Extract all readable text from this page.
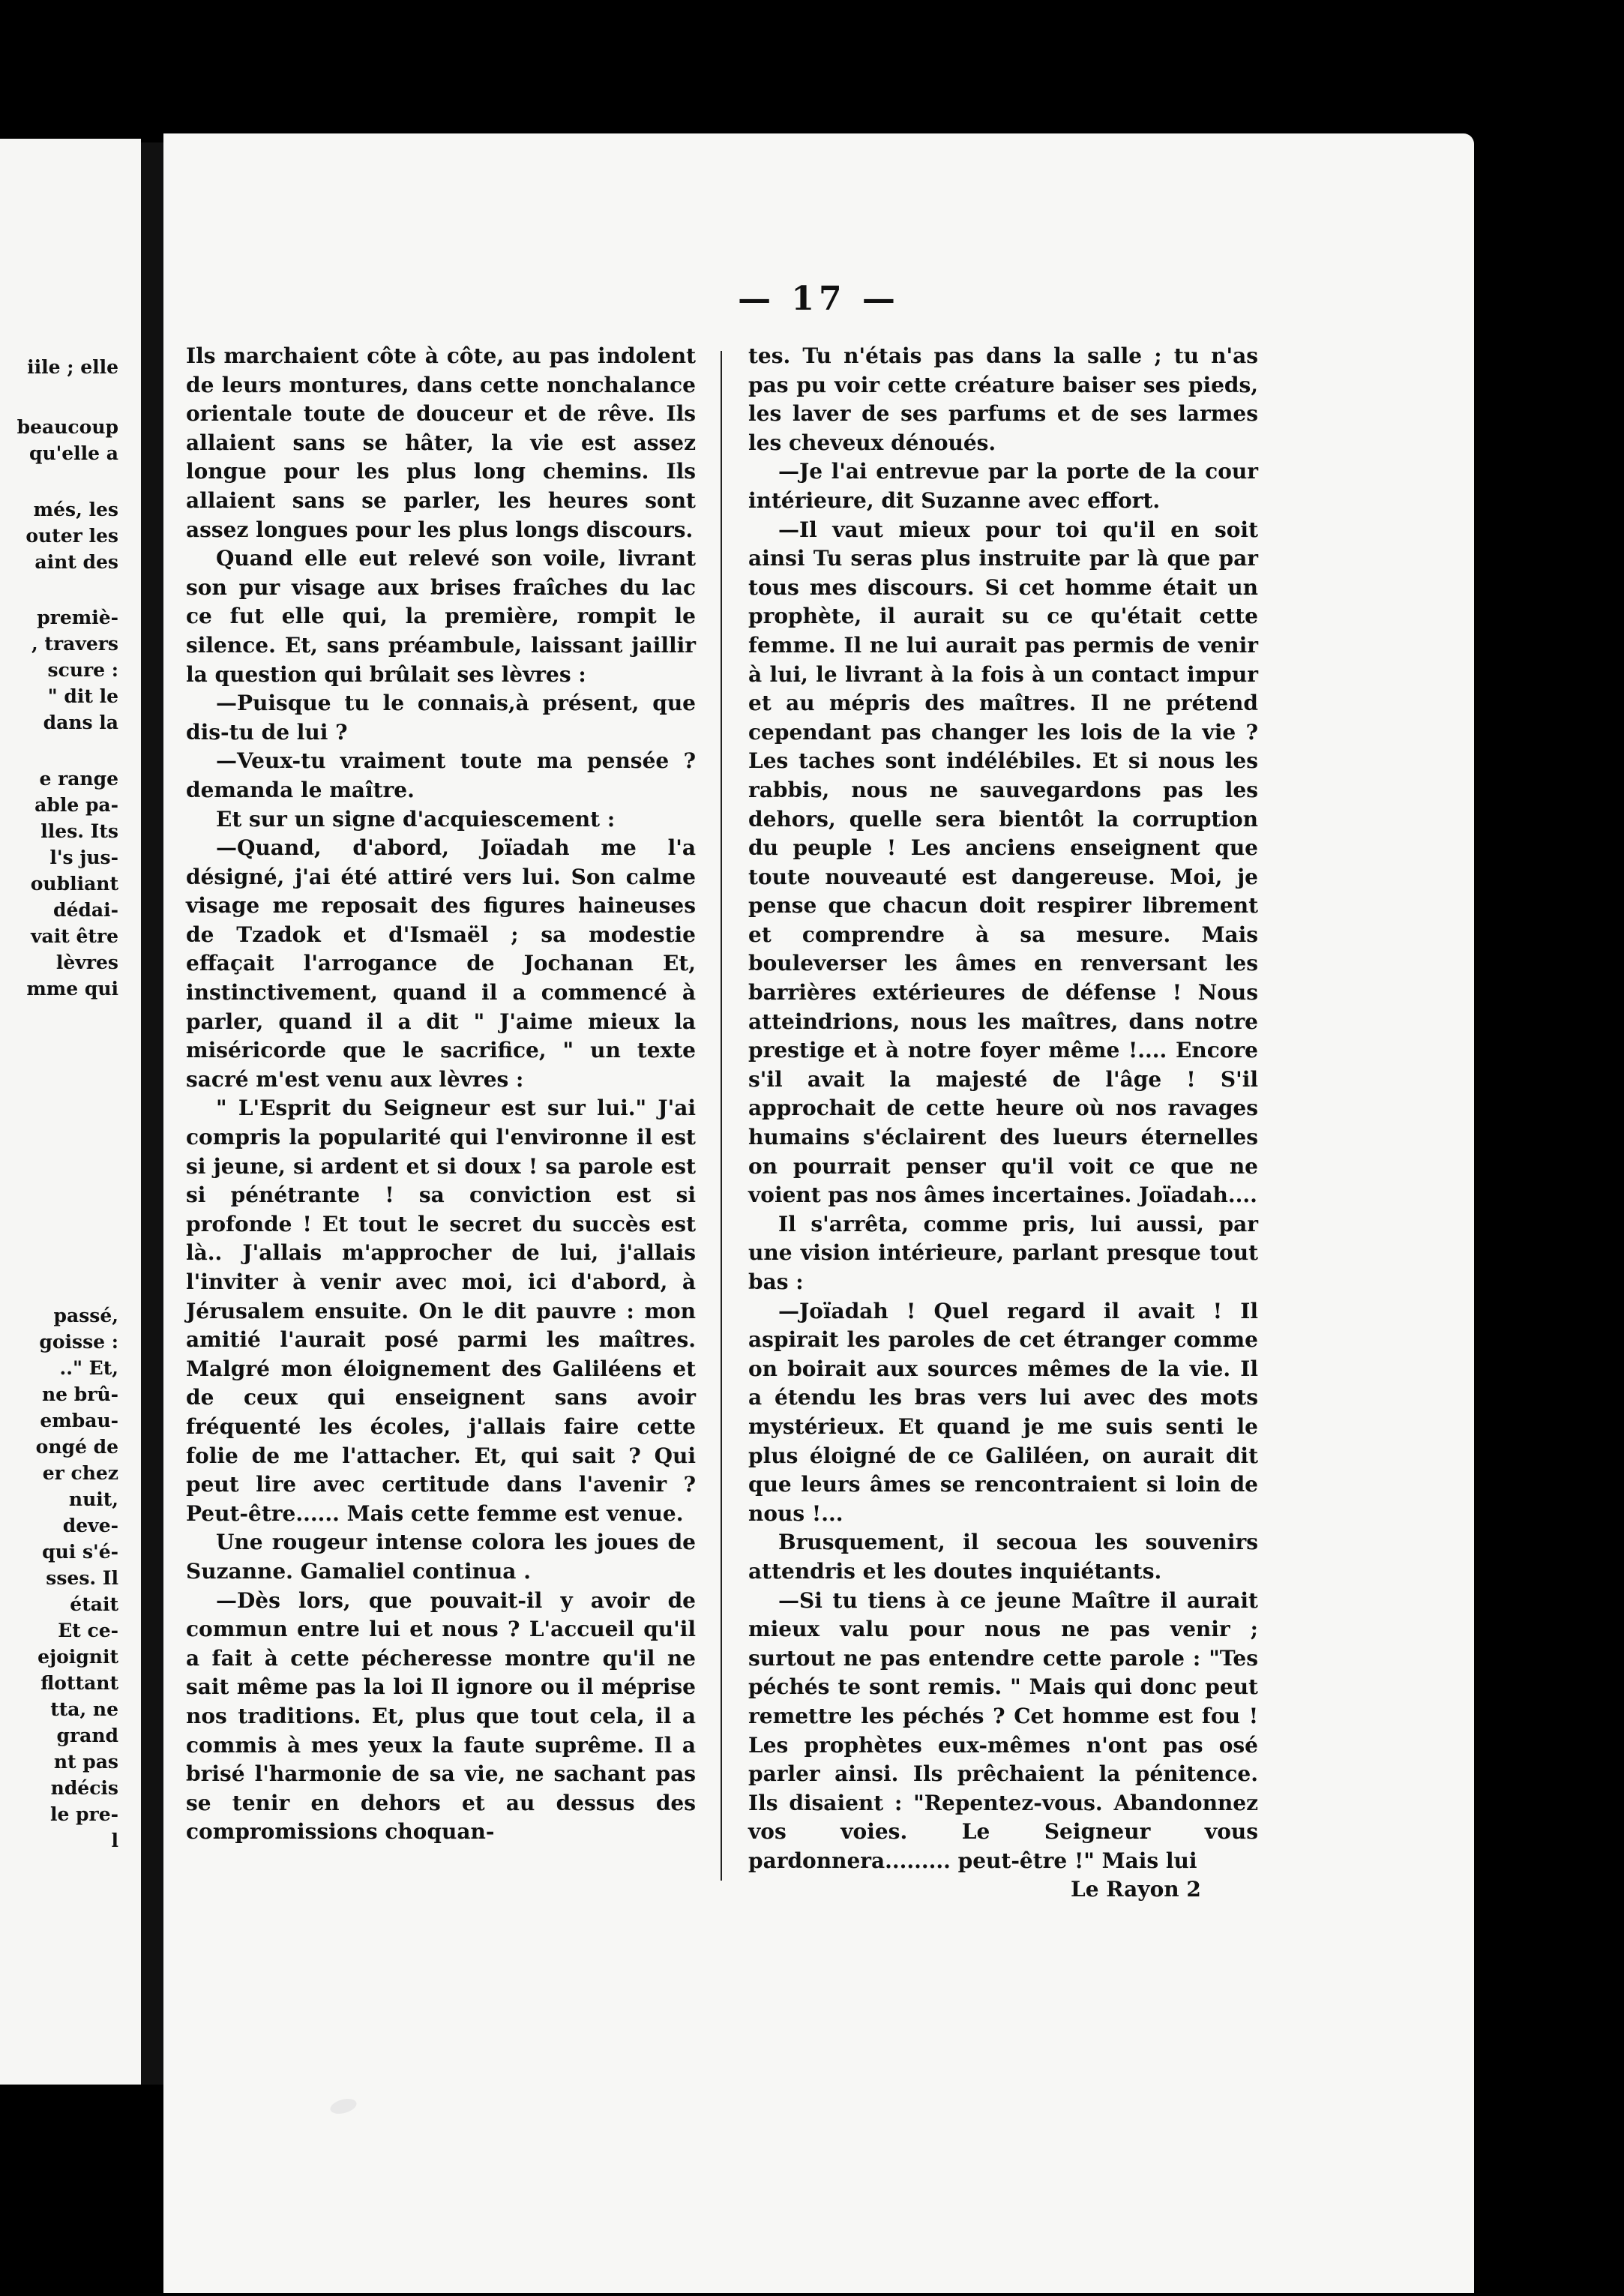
iile ; elle
beaucoup
qu'elle a
més, les
outer les
aint des
premiè-
, travers
scure :
" dit le
dans la
e range
able pa-
lles. Its
l's jus-
oubliant
dédai-
vait être
lèvres
mme qui
passé,
goisse :
.." Et,
ne brû-
embau-
ongé de
er chez
nuit,
deve-
qui s'é-
sses. Il
était
Et ce-
ejoignit
flottant
tta, ne
grand
nt pas
ndécis
le pre-
l
— 17 —

Ils marchaient côte à côte, au pas indolent de leurs montures, dans cette nonchalance orientale toute de douceur et de rêve. Ils allaient sans se hâter, la vie est assez longue pour les plus long chemins. Ils allaient sans se parler, les heures sont assez longues pour les plus longs discours.

Quand elle eut relevé son voile, livrant son pur visage aux brises fraîches du lac ce fut elle qui, la première, rompit le silence. Et, sans préambule, laissant jaillir la question qui brûlait ses lèvres :

—Puisque tu le connais,à présent, que dis-tu de lui ?

—Veux-tu vraiment toute ma pensée ? demanda le maître.

Et sur un signe d'acquiescement :

—Quand, d'abord, Joïadah me l'a désigné, j'ai été attiré vers lui. Son calme visage me reposait des figures haineuses de Tzadok et d'Ismaël ; sa modestie effaçait l'arrogance de Jochanan Et, instinctivement, quand il a commencé à parler, quand il a dit " J'aime mieux la miséricorde que le sacrifice, " un texte sacré m'est venu aux lèvres :

" L'Esprit du Seigneur est sur lui." J'ai compris la popularité qui l'environne il est si jeune, si ardent et si doux ! sa parole est si pénétrante ! sa conviction est si profonde ! Et tout le secret du succès est là.. J'allais m'approcher de lui, j'allais l'inviter à venir avec moi, ici d'abord, à Jérusalem ensuite. On le dit pauvre : mon amitié l'aurait posé parmi les maîtres. Malgré mon éloignement des Galiléens et de ceux qui enseignent sans avoir fréquenté les écoles, j'allais faire cette folie de me l'attacher. Et, qui sait ? Qui peut lire avec certitude dans l'avenir ? Peut-être...... Mais cette femme est venue.

Une rougeur intense colora les joues de Suzanne. Gamaliel continua .

—Dès lors, que pouvait-il y avoir de commun entre lui et nous ? L'accueil qu'il a fait à cette pécheresse montre qu'il ne sait même pas la loi Il ignore ou il méprise nos traditions. Et, plus que tout cela, il a commis à mes yeux la faute suprême. Il a brisé l'harmonie de sa vie, ne sachant pas se tenir en dehors et au dessus des compromissions choquan-

tes. Tu n'étais pas dans la salle ; tu n'as pas pu voir cette créature baiser ses pieds, les laver de ses parfums et de ses larmes les cheveux dénoués.

—Je l'ai entrevue par la porte de la cour intérieure, dit Suzanne avec effort.

—Il vaut mieux pour toi qu'il en soit ainsi Tu seras plus instruite par là que par tous mes discours. Si cet homme était un prophète, il aurait su ce qu'était cette femme. Il ne lui aurait pas permis de venir à lui, le livrant à la fois à un contact impur et au mépris des maîtres. Il ne prétend cependant pas changer les lois de la vie ? Les taches sont indélébiles. Et si nous les rabbis, nous ne sauvegardons pas les dehors, quelle sera bientôt la corruption du peuple ! Les anciens enseignent que toute nouveauté est dangereuse. Moi, je pense que chacun doit respirer librement et comprendre à sa mesure. Mais bouleverser les âmes en renversant les barrières extérieures de défense ! Nous atteindrions, nous les maîtres, dans notre prestige et à notre foyer même !.... Encore s'il avait la majesté de l'âge ! S'il approchait de cette heure où nos ravages humains s'éclairent des lueurs éternelles on pourrait penser qu'il voit ce que ne voient pas nos âmes incertaines. Joïadah....

Il s'arrêta, comme pris, lui aussi, par une vision intérieure, parlant presque tout bas :

—Joïadah ! Quel regard il avait ! Il aspirait les paroles de cet étranger comme on boirait aux sources mêmes de la vie. Il a étendu les bras vers lui avec des mots mystérieux. Et quand je me suis senti le plus éloigné de ce Galiléen, on aurait dit que leurs âmes se rencontraient si loin de nous !...

Brusquement, il secoua les souvenirs attendris et les doutes inquiétants.

—Si tu tiens à ce jeune Maître il aurait mieux valu pour nous ne pas venir ; surtout ne pas entendre cette parole : "Tes péchés te sont remis. " Mais qui donc peut remettre les péchés ? Cet homme est fou ! Les prophètes eux-mêmes n'ont pas osé parler ainsi. Ils prêchaient la pénitence. Ils disaient : "Repentez-vous. Abandonnez vos voies. Le Seigneur vous pardonnera......... peut-être !" Mais lui

Le Rayon 2
